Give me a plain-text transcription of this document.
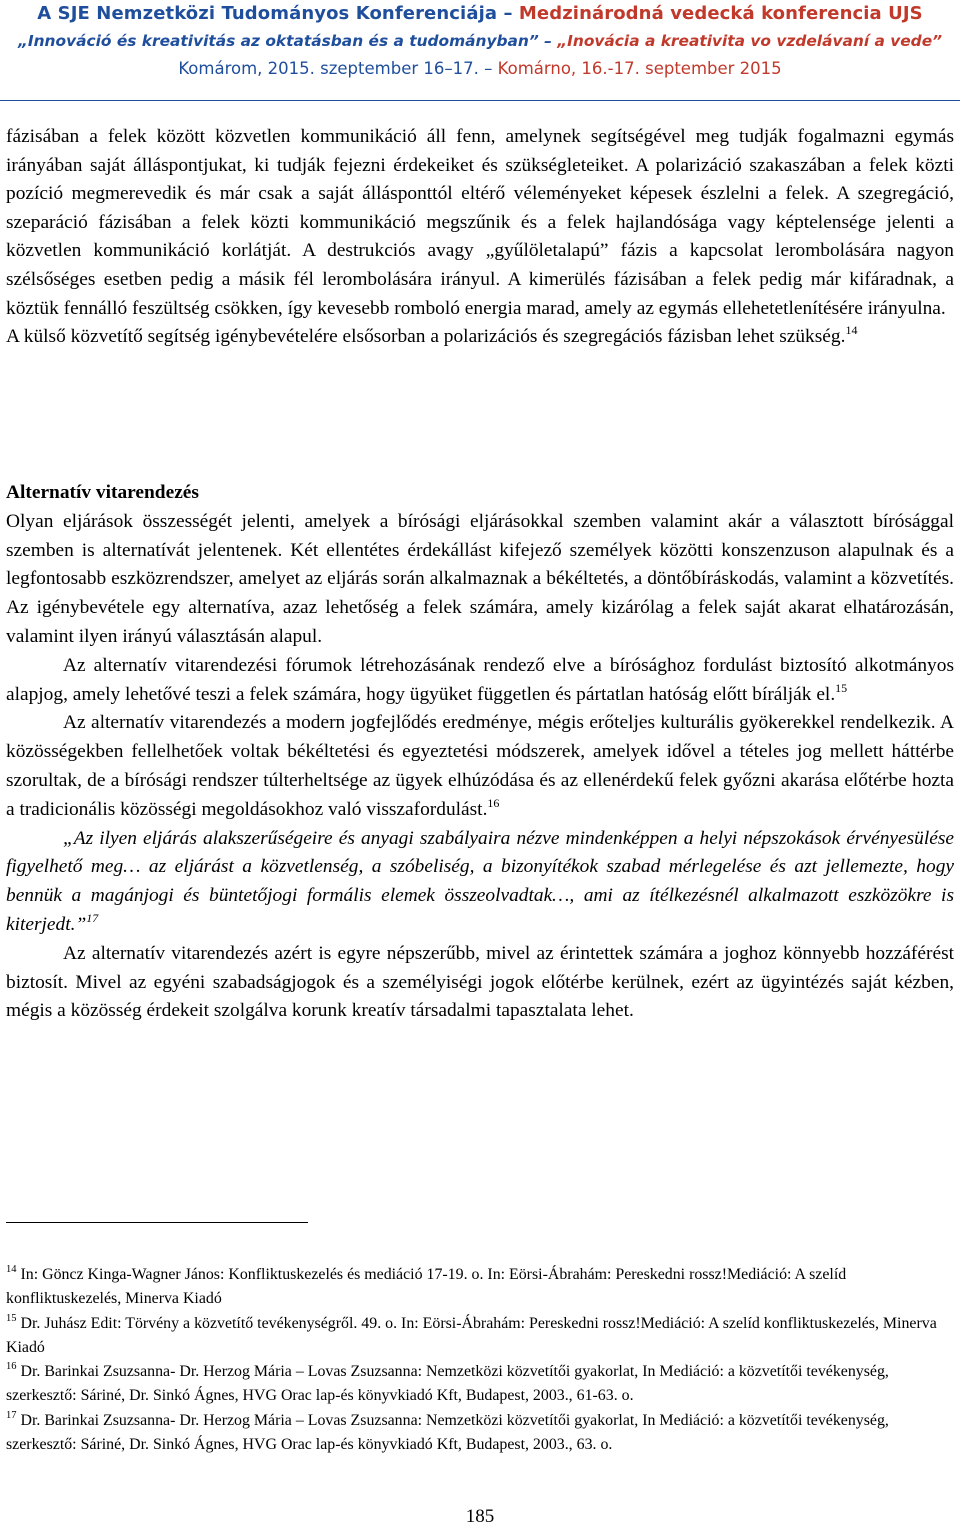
A SJE Nemzetközi Tudományos Konferenciája – Medzinárodná vedecká konferencia UJS
„Innováció és kreativitás az oktatásban és a tudományban” – „Inovácia a kreativita vo vzdelávaní a vede”
Komárom, 2015. szeptember 16–17. – Komárno, 16.-17. september 2015

fázisában a felek között közvetlen kommunikáció áll fenn, amelynek segítségével meg tudják fogalmazni egymás irányában saját álláspontjukat, ki tudják fejezni érdekeiket és szükségleteiket. A polarizáció szakaszában a felek közti pozíció megmerevedik és már csak a saját állásponttól eltérő véleményeket képesek észlelni a felek. A szegregáció, szeparáció fázisában a felek közti kommunikáció megszűnik és a felek hajlandósága vagy képtelensége jelenti a közvetlen kommunikáció korlátját. A destrukciós avagy „gyűlöletalapú” fázis a kapcsolat lerombolására nagyon szélsőséges esetben pedig a másik fél lerombolására irányul. A kimerülés fázisában a felek pedig már kifáradnak, a köztük fennálló feszültség csökken, így kevesebb romboló energia marad, amely az egymás ellehetetlenítésére irányulna.

A külső közvetítő segítség igénybevételére elsősorban a polarizációs és szegregációs fázisban lehet szükség.$^{14}$

Alternatív vitarendezés

Olyan eljárások összességét jelenti, amelyek a bírósági eljárásokkal szemben valamint akár a választott bírósággal szemben is alternatívát jelentenek. Két ellentétes érdekállást kifejező személyek közötti konszenzuson alapulnak és a legfontosabb eszközrendszer, amelyet az eljárás során alkalmaznak a békéltetés, a döntőbíráskodás, valamint a közvetítés. Az igénybevétele egy alternatíva, azaz lehetőség a felek számára, amely kizárólag a felek saját akarat elhatározásán, valamint ilyen irányú választásán alapul.

Az alternatív vitarendezési fórumok létrehozásának rendező elve a bírósághoz fordulást biztosító alkotmányos alapjog, amely lehetővé teszi a felek számára, hogy ügyüket független és pártatlan hatóság előtt bírálják el.$^{15}$

Az alternatív vitarendezés a modern jogfejlődés eredménye, mégis erőteljes kulturális gyökerekkel rendelkezik. A közösségekben fellelhetőek voltak békéltetési és egyeztetési módszerek, amelyek idővel a tételes jog mellett háttérbe szorultak, de a bírósági rendszer túlterheltsége az ügyek elhúzódása és az ellenérdekű felek győzni akarása előtérbe hozta a tradicionális közösségi megoldásokhoz való visszafordulást.$^{16}$

„Az ilyen eljárás alakszerűségeire és anyagi szabályaira nézve mindenképpen a helyi népszokások érvényesülése figyelhető meg… az eljárást a közvetlenség, a szóbeliség, a bizonyítékok szabad mérlegelése és azt jellemezte, hogy bennük a magánjogi és büntetőjogi formális elemek összeolvadtak…, ami az ítélkezésnél alkalmazott eszközökre is kiterjedt.”$^{17}$

Az alternatív vitarendezés azért is egyre népszerűbb, mivel az érintettek számára a joghoz könnyebb hozzáférést biztosít. Mivel az egyéni szabadságjogok és a személyiségi jogok előtérbe kerülnek, ezért az ügyintézés saját kézben, mégis a közösség érdekeit szolgálva korunk kreatív társadalmi tapasztalata lehet.

$^{14}$ In: Göncz Kinga-Wagner János: Konfliktuskezelés és mediáció 17-19. o. In: Eörsi-Ábrahám: Pereskedni rossz!Mediáció: A szelíd konfliktuskezelés, Minerva Kiadó

$^{15}$ Dr. Juhász Edit: Törvény a közvetítő tevékenységről. 49. o. In: Eörsi-Ábrahám: Pereskedni rossz!Mediáció: A szelíd konfliktuskezelés, Minerva Kiadó

$^{16}$ Dr. Barinkai Zsuzsanna- Dr. Herzog Mária – Lovas Zsuzsanna: Nemzetközi közvetítői gyakorlat, In Mediáció: a közvetítői tevékenység, szerkesztő: Sáriné, Dr. Sinkó Ágnes, HVG Orac lap-és könyvkiadó Kft, Budapest, 2003., 61-63. o.

$^{17}$ Dr. Barinkai Zsuzsanna- Dr. Herzog Mária – Lovas Zsuzsanna: Nemzetközi közvetítői gyakorlat, In Mediáció: a közvetítői tevékenység, szerkesztő: Sáriné, Dr. Sinkó Ágnes, HVG Orac lap-és könyvkiadó Kft, Budapest, 2003., 63. o.

185
